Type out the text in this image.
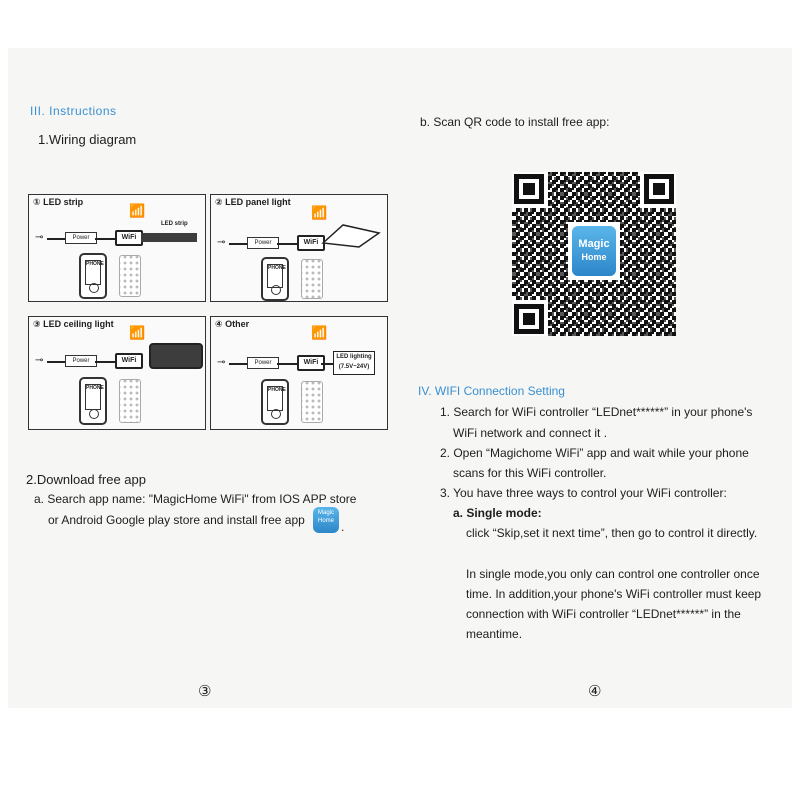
III. Instructions
1.Wiring diagram
① LED strip
📶
⊸	Power	WiFi
LED strip
PHONE
② LED panel light
📶
⊸	Power	WiFi
PHONE
③ LED ceiling light
📶
⊸	Power	WiFi
PHONE
④ Other
📶
⊸	Power	WiFi
LED lighting
(7.5V~24V)
PHONE
2.Download free app
a. Search app name: "MagicHome WiFi" from IOS APP store
or Android Google play store and install free app	Magic
Home .
③
b. Scan QR code to install free app:
Magic
Home
IV. WIFI Connection Setting
1. Search for WiFi controller “LEDnet******” in your phone's
WiFi network and connect it .
2. Open “Magichome WiFi” app and wait while your phone
scans for this WiFi controller.
3. You have three ways to control your WiFi controller:
a. Single mode:
click “Skip,set it next time”, then go to control it directly.
In single mode,you only can control one controller once
time. In addition,your phone's WiFi controller must keep
connection with WiFi controller “LEDnet******” in the
meantime.
④
